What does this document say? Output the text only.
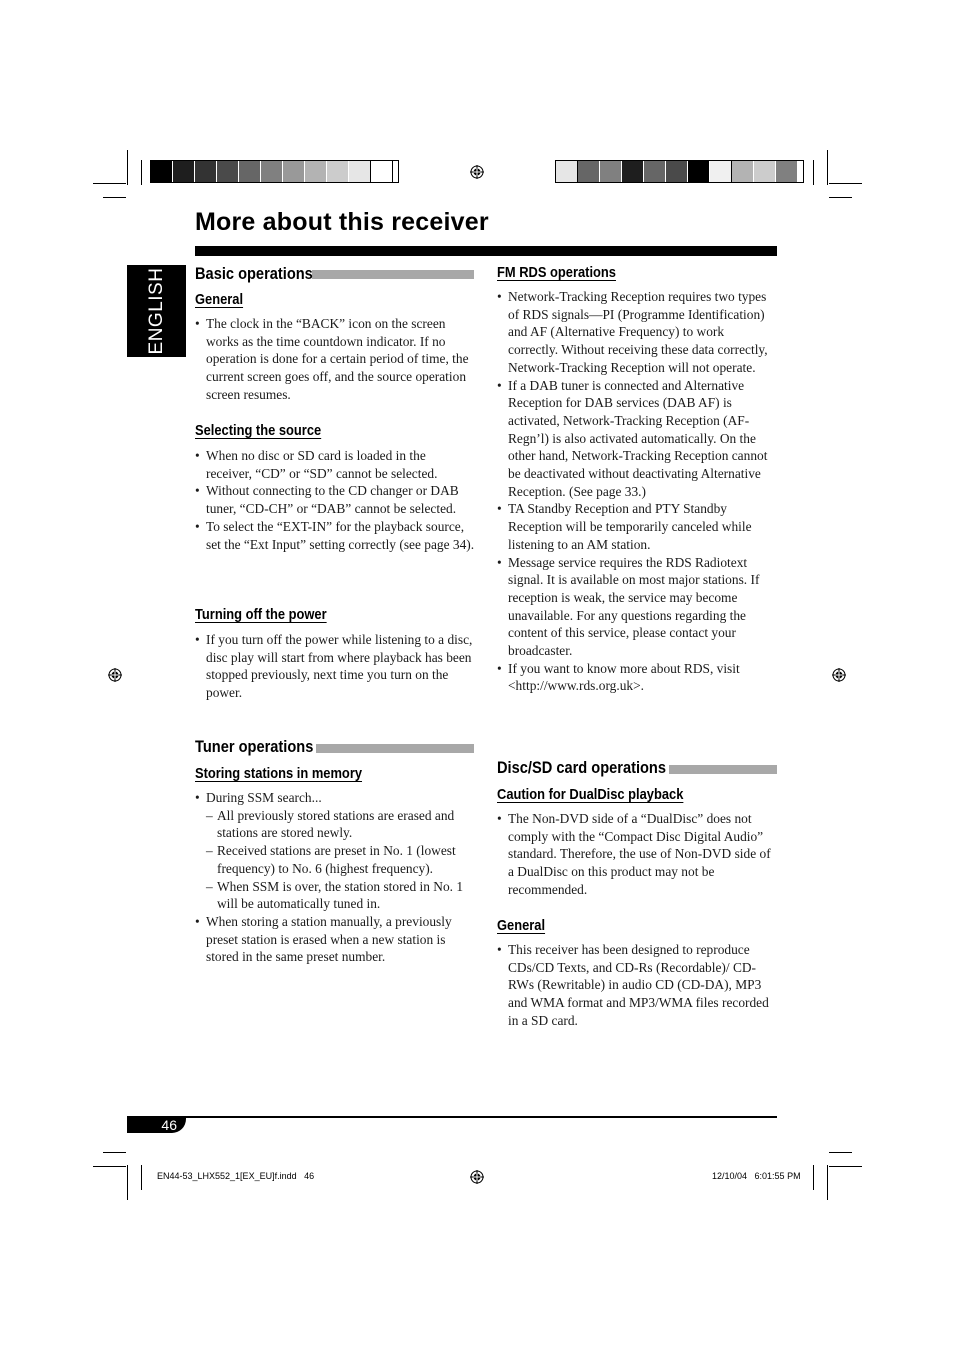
More about this receiver
ENGLISH Basic operations
General
• The clock in the “BACK” icon on the screen works as the time countdown indicator. If no operation is done for a certain period of time, the current screen goes off, and the source operation screen resumes.
Selecting the source
• When no disc or SD card is loaded in the receiver, “CD” or “SD” cannot be selected.
• Without connecting to the CD changer or DAB tuner, “CD-CH” or “DAB” cannot be selected.
• To select the “EXT-IN” for the playback source, set the “Ext Input” setting correctly (see page 34).
Turning off the power
• If you turn off the power while listening to a disc, disc play will start from where playback has been stopped previously, next time you turn on the power.
Tuner operations
Storing stations in memory
• During SSM search...
– All previously stored stations are erased and stations are stored newly.
– Received stations are preset in No. 1 (lowest frequency) to No. 6 (highest frequency).
– When SSM is over, the station stored in No. 1 will be automatically tuned in.
• When storing a station manually, a previously preset station is erased when a new station is stored in the same preset number.
FM RDS operations
• Network-Tracking Reception requires two types of RDS signals—PI (Programme Identification) and AF (Alternative Frequency) to work correctly. Without receiving these data correctly, Network-Tracking Reception will not operate.
• If a DAB tuner is connected and Alternative Reception for DAB services (DAB AF) is activated, Network-Tracking Reception (AF-Regn’l) is also activated automatically. On the other hand, Network-Tracking Reception cannot be deactivated without deactivating Alternative Reception. (See page 33.)
• TA Standby Reception and PTY Standby Reception will be temporarily canceled while listening to an AM station.
• Message service requires the RDS Radiotext signal. It is available on most major stations. If reception is weak, the service may become unavailable. For any questions regarding the content of this service, please contact your broadcaster.
• If you want to know more about RDS, visit <http://www.rds.org.uk>.
Disc/SD card operations
Caution for DualDisc playback
• The Non-DVD side of a “DualDisc” does not comply with the “Compact Disc Digital Audio” standard. Therefore, the use of Non-DVD side of a DualDisc on this product may not be recommended.
General
• This receiver has been designed to reproduce CDs/CD Texts, and CD-Rs (Recordable)/ CD-RWs (Rewritable) in audio CD (CD-DA), MP3 and WMA format and MP3/WMA files recorded in a SD card.
46
EN44-53_LHX552_1[EX_EU]f.indd   46	12/10/04   6:01:55 PM
